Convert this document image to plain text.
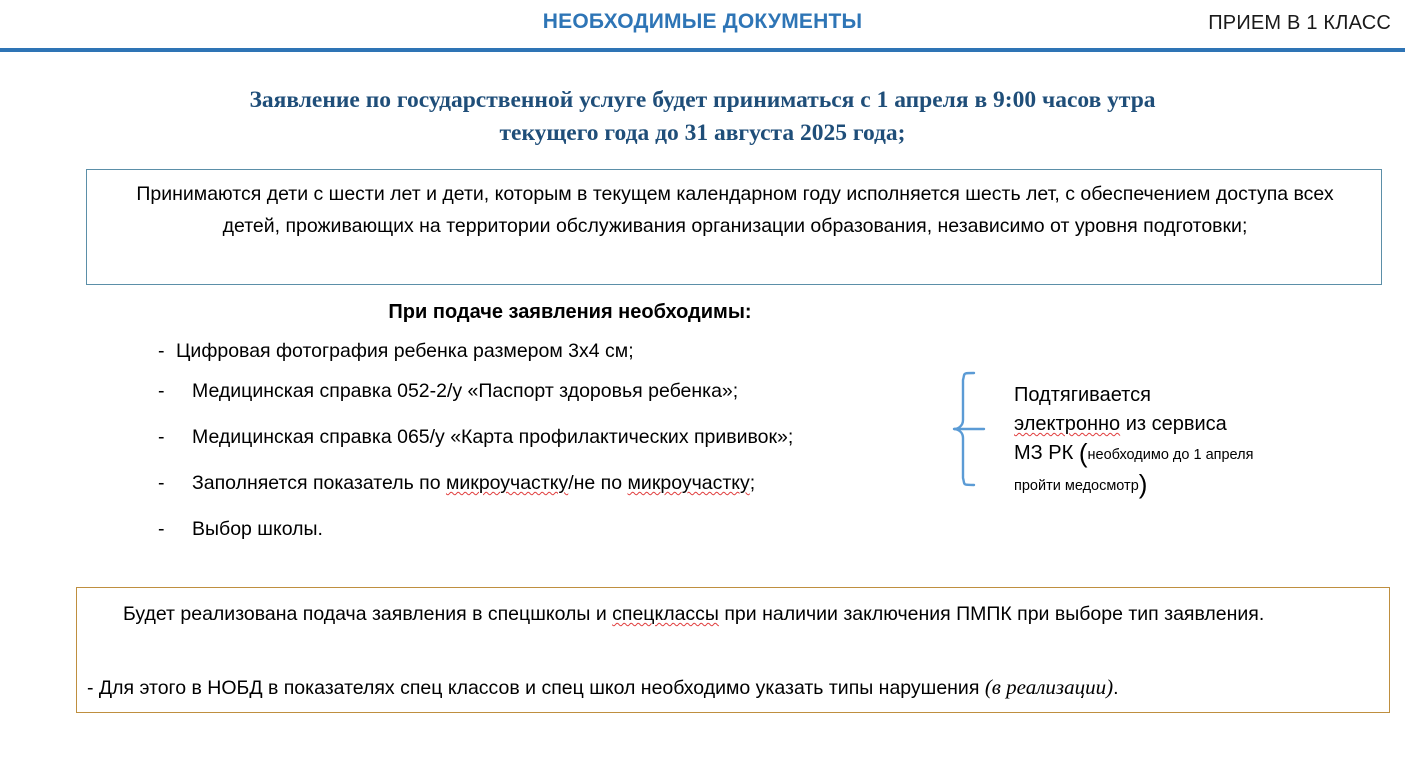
НЕОБХОДИМЫЕ ДОКУМЕНТЫ	ПРИЕМ В 1 КЛАСС
Заявление по государственной услуге будет приниматься с 1 апреля в 9:00 часов утра
текущего года до 31 августа 2025 года;
Принимаются дети с шести лет и дети, которым в текущем календарном году исполняется шесть лет, с обеспечением доступа всех детей, проживающих на территории обслуживания организации образования, независимо от уровня подготовки;
При подаче заявления необходимы:
- Цифровая фотография ребенка размером 3х4 см;
- Медицинская справка 052-2/у «Паспорт здоровья ребенка»;
- Медицинская справка 065/у «Карта профилактических прививок»;
- Заполняется показатель по микроучастку/не по микроучастку;
- Выбор школы.
Подтягивается
электронно из сервиса
МЗ РК (необходимо до 1 апреля
пройти медосмотр)
Будет реализована подача заявления в спецшколы и спецклассы при наличии заключения ПМПК при выборе тип заявления.
- Для этого в НОБД в показателях спец классов и спец школ необходимо указать типы нарушения (в реализации).
